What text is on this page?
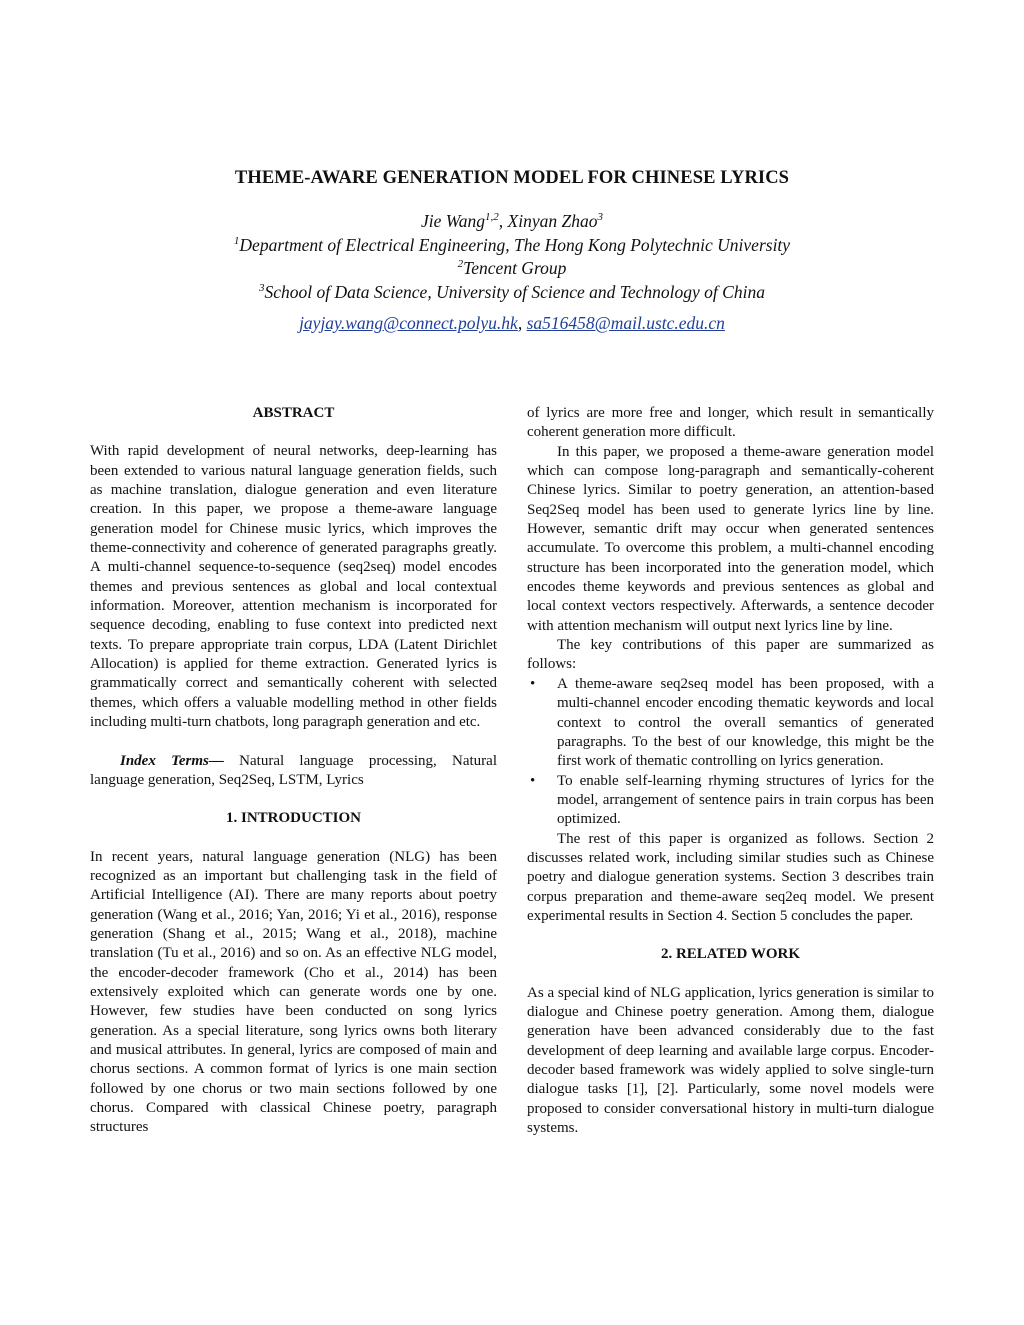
THEME-AWARE GENERATION MODEL FOR CHINESE LYRICS
Jie Wang$^{1,2}$, Xinyan Zhao$^3$
$^1$Department of Electrical Engineering, The Hong Kong Polytechnic University
$^2$Tencent Group
$^3$School of Data Science, University of Science and Technology of China
jayjay.wang@connect.polyu.hk, sa516458@mail.ustc.edu.cn

ABSTRACT

With rapid development of neural networks, deep-learning has been extended to various natural language generation fields, such as machine translation, dialogue generation and even literature creation. In this paper, we propose a theme-aware language generation model for Chinese music lyrics, which improves the theme-connectivity and coherence of generated paragraphs greatly. A multi-channel sequence-to-sequence (seq2seq) model encodes themes and previous sentences as global and local contextual information. Moreover, attention mechanism is incorporated for sequence decoding, enabling to fuse context into predicted next texts. To prepare appropriate train corpus, LDA (Latent Dirichlet Allocation) is applied for theme extraction. Generated lyrics is grammatically correct and semantically coherent with selected themes, which offers a valuable modelling method in other fields including multi-turn chatbots, long paragraph generation and etc.

Index Terms— Natural language processing, Natural language generation, Seq2Seq, LSTM, Lyrics

1. INTRODUCTION

In recent years, natural language generation (NLG) has been recognized as an important but challenging task in the field of Artificial Intelligence (AI). There are many reports about poetry generation (Wang et al., 2016; Yan, 2016; Yi et al., 2016), response generation (Shang et al., 2015; Wang et al., 2018), machine translation (Tu et al., 2016) and so on. As an effective NLG model, the encoder-decoder framework (Cho et al., 2014) has been extensively exploited which can generate words one by one. However, few studies have been conducted on song lyrics generation. As a special literature, song lyrics owns both literary and musical attributes. In general, lyrics are composed of main and chorus sections. A common format of lyrics is one main section followed by one chorus or two main sections followed by one chorus. Compared with classical Chinese poetry, paragraph structures

of lyrics are more free and longer, which result in semantically coherent generation more difficult.

In this paper, we proposed a theme-aware generation model which can compose long-paragraph and semantically-coherent Chinese lyrics. Similar to poetry generation, an attention-based Seq2Seq model has been used to generate lyrics line by line. However, semantic drift may occur when generated sentences accumulate. To overcome this problem, a multi-channel encoding structure has been incorporated into the generation model, which encodes theme keywords and previous sentences as global and local context vectors respectively. Afterwards, a sentence decoder with attention mechanism will output next lyrics line by line.

The key contributions of this paper are summarized as follows:

• A theme-aware seq2seq model has been proposed, with a multi-channel encoder encoding thematic keywords and local context to control the overall semantics of generated paragraphs. To the best of our knowledge, this might be the first work of thematic controlling on lyrics generation.
• To enable self-learning rhyming structures of lyrics for the model, arrangement of sentence pairs in train corpus has been optimized.

The rest of this paper is organized as follows. Section 2 discusses related work, including similar studies such as Chinese poetry and dialogue generation systems. Section 3 describes train corpus preparation and theme-aware seq2eq model. We present experimental results in Section 4. Section 5 concludes the paper.

2. RELATED WORK

As a special kind of NLG application, lyrics generation is similar to dialogue and Chinese poetry generation. Among them, dialogue generation have been advanced considerably due to the fast development of deep learning and available large corpus. Encoder-decoder based framework was widely applied to solve single-turn dialogue tasks [1], [2]. Particularly, some novel models were proposed to consider conversational history in multi-turn dialogue systems.
